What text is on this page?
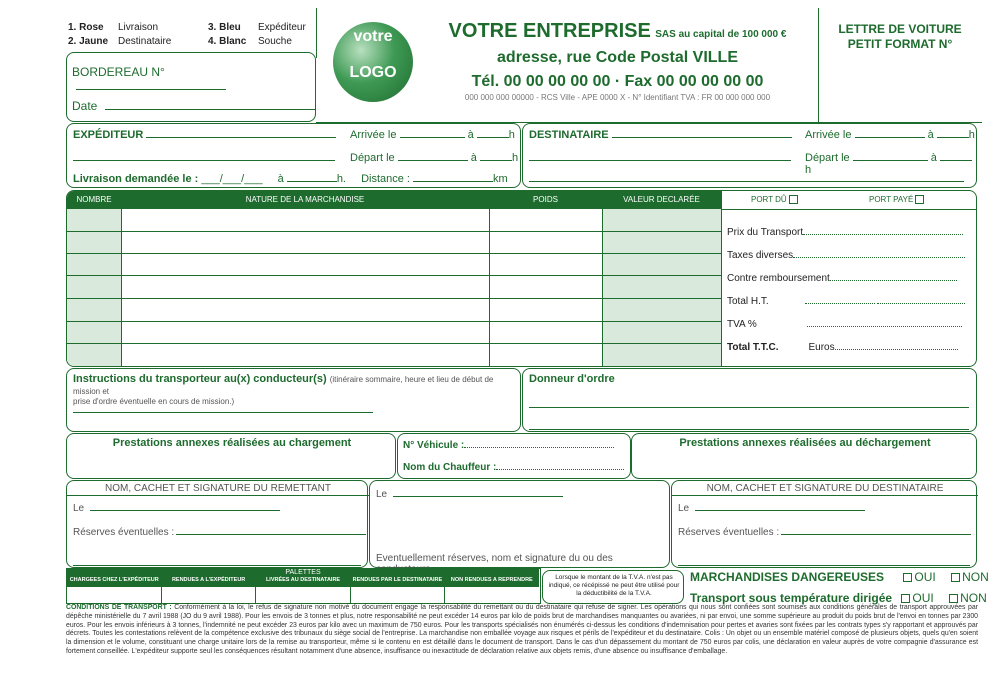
1. Rose Livraison
2. Jaune Destinataire
3. Bleu Expéditeur
4. Blanc Souche
BORDEREAU N°
Date
votre
LOGO
VOTRE ENTREPRISE SAS au capital de 100 000 €
adresse, rue Code Postal VILLE
Tél. 00 00 00 00 00 · Fax 00 00 00 00 00
000 000 000 00000 - RCS Ville - APE 0000 X - N° Identifiant TVA : FR 00 000 000 000
LETTRE DE VOITURE
PETIT FORMAT N°
EXPÉDITEUR	Arrivée le	à	h
Départ le	à	h
Livraison demandée le : ___/___/___ à	h. Distance :	km
DESTINATAIRE	Arrivée le	à	h
Départ le	à h
NOMBRE	NATURE DE LA MARCHANDISE	POIDS	VALEUR DECLARÉE	PORT DÛ	PORT PAYÉ
Prix du Transport
Taxes diverses
Contre remboursement
Total H.T.
TVA %
Total T.T.C.	Euros
Instructions du transporteur au(x) conducteur(s) (itinéraire sommaire, heure et lieu de début de mission et
prise d'ordre éventuelle en cours de mission.)
Donneur d'ordre
Prestations annexes réalisées au chargement	N° Véhicule :
Nom du Chauffeur :
Prestations annexes réalisées au déchargement
NOM, CACHET ET SIGNATURE DU REMETTANT
Le
Réserves éventuelles :
Le
Eventuellement réserves, nom et signature du ou des
NOM, CACHET ET SIGNATURE DU DESTINATAIRE
Le
Réserves éventuelles :
PALETTES
CHARGEES CHEZ L'EXPÉDITEUR	RENDUES A L'EXPÉDITEUR	LIVRÉES AU DESTINATAIRE	RENDUES PAR LE DESTINATAIRE	NON RENDUES A REPRENDRE	Lorsque le montant de la T.V.A. n'est pas indiqué, ce récépissé ne peut être utilisé pour la déductibilité de la T.V.A.
MARCHANDISES DANGEREUSES	OUI NON
Transport sous température dirigée OUI NON
CONDITIONS DE TRANSPORT : Conformément à la loi, le refus de signature non motivé du document engage la responsabilité du remettant ou du destinataire qui refuse de signer. Les opérations qui nous sont confiées sont soumises aux conditions générales de transport approuvées par dépêche ministérielle du 7 avril 1988 (JO du 9 avril 1988). Pour les envois de 3 tonnes et plus, notre responsabilité ne peut excéder 14 euros par kilo de poids brut de marchandises manquantes ou avariées, ni par envoi, une somme supérieure au produit du poids brut de l'envoi en tonnes par 2300 euros. Pour les envois inférieurs à 3 tonnes, l'indemnité ne peut excéder 23 euros par kilo avec un maximum de 750 euros. Pour les transports spécialisés non énumérés ci-dessus les conditions d'indemnisation pour pertes et avaries sont fixées par les contrats types s'y rapportant et approuvés par décrets. Toutes les contestations relèvent de la compétence exclusive des tribunaux du siège social de l'entreprise. La marchandise non emballée voyage aux risques et périls de l'expéditeur et du destinataire. Colis : Un objet ou un ensemble matériel composé de plusieurs objets, quels qu'en soient la dimension et le volume, constituant une charge unitaire lors de la remise au transporteur, même si le contenu en est détaillé dans le document de transport. Dans le cas d'un dépassement du montant de 750 euros par colis, une déclaration en valeur auprès de votre compagnie d'assurance est fortement conseillée. L'expéditeur supporte seul les conséquences résultant notamment d'une absence, insuffisance ou inexactitude de déclaration relative aux objets remis, d'une absence ou insuffisance d'emballage.
